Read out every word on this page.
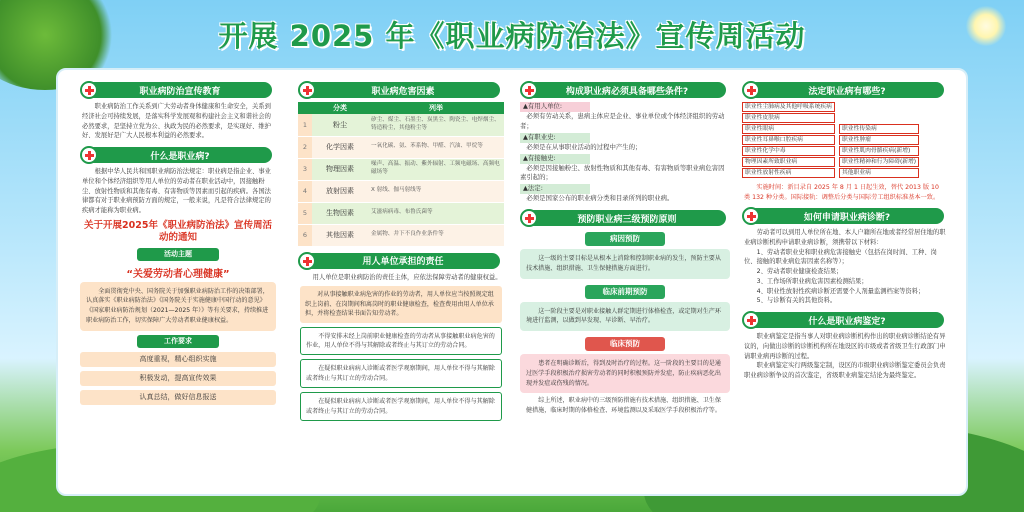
开展 2025 年《职业病防治法》宣传周活动
职业病防治宣传教育

职业病防治工作关系到广大劳动者身体健康和生命安全，关系到经济社会可持续发展，是落实科学发展观和构建社会主义和谐社会的必然要求，是坚持立党为公、执政为民的必然要求，是实现好、维护好、发展好是广大人民根本利益的必然要求。

什么是职业病?

根据中华人民共和国职业病防治法规定：职业病是指企业、事业单位和个体经济组织等用人单位的劳动者在职业活动中，因接触粉尘、放射性物质和其他有毒、有害物质等因素而引起的疾病。各国法律都有对于职业病预防方面的规定，一般来说，凡是符合法律规定的疾病才能称为职业病。

关于开展2025年《职业病防治法》宣传周活动的通知
活动主题
“关爱劳动者心理健康”
全面贯彻党中央、国务院关于加强职业病防治工作的决策部署，认真落实《职业病防治法》《国务院关于实施健康中国行动的意见》《国家职业病防治规划（2021—2025 年）》等有关要求，持续推进职业病防治工作，切实保障广大劳动者职业健康权益。
工作要求
高度重视，精心组织实施
积极发动，提高宣传效果
认真总结，做好信息报送
职业病危害因素
	分类	列举
1	粉尘	矽尘、煤尘、石墨尘、炭黑尘、陶瓷尘、电焊烟尘、铸造粉尘，其他粉尘等
2	化学因素	一氧化碳、氨、苯系物、甲醛、汽油、甲烷等
3	物理因素	噪声、高温、振动、紫外辐射、工频电磁场、高频电磁场等
4	放射因素	X 射线、伽马射线等
5	生物因素	艾滋病病毒、布鲁氏菌等
6	其他因素	金属物、井下不良作业条件等
用人单位承担的责任

用人单位是职业病防治的责任主体，应依法保障劳动者的健康权益。

对从事接触职业病危害的作业的劳动者，用人单位应当按照规定组织上岗前、在岗期间和离岗时的职业健康检查，检查费用由用人单位承担，并将检查结果书面告知劳动者。
不得安排未经上岗前职业健康检查的劳动者从事接触职业病危害的作业，用人单位不得与其解除或者终止与其订立的劳动合同。
在疑似职业病病人诊断或者医学观察期间，用人单位不得与其解除或者终止与其订立的劳动合同。
在疑似职业病病人诊断或者医学观察期间，用人单位不得与其解除或者终止与其订立的劳动合同。
构成职业病必须具备哪些条件?
▲有用人单位:
必须有劳动关系，患病主体应是企业、事业单位或个体经济组织的劳动者；
▲有职业史:
必须是在从事职业活动的过程中产生的；
▲有接触史:
必须是因接触粉尘、放射性物质和其他有毒、有害物质等职业病危害因素引起的；
▲法定:
必须是国家公布的职业病分类和目录所列的职业病。
预防职业病三级预防原则
病因预防
这一级的主要目标是从根本上消除和控制职业病的发生，预防主要从技术措施、组织措施、卫生保健措施方面进行。
临床前期预防
这一阶段主要是对职业接触人群定期进行体格检查，或定期对生产环境进行监测，以做到早发现、早诊断、早治疗。
临床预防
患者在明确诊断后，得到及时治疗的过程。这一阶段的主要目的是通过医学手段积极治疗损害劳动者的同时积极预防并发症，防止疾病恶化出现并发症或伤残的情况。
综上所述，职业病中的三级预防措施有技术措施、组织措施、卫生保健措施，临床时期的体格检查、环境监测以及采取医学手段积极治疗等。
法定职业病有哪些?
职业性尘肺病及其他呼吸系统疾病
职业性皮肤病
职业性眼病
职业性耳鼻喉口腔疾病
职业性化学中毒
物理因素所致职业病
职业性放射性疾病
职业性传染病
职业性肿瘤
职业性肌肉骨骼疾病(新增)
职业性精神和行为障碍(新增)
其他职业病

实施时间：新目录自 2025 年 8 月 1 日起生效，替代 2013 版 10 类 132 种分类。国际接轨：调整后分类与国际劳工组织标准基本一致。

如何申请职业病诊断?

劳动者可以到用人单位所在地、本人户籍所在地或者经常居住地的职业病诊断机构申请职业病诊断，须携带以下材料：

1、劳动者职业史和职业病危害接触史（包括在岗时间、工种、岗位、接触的职业病危害因素名称等）；

2、劳动者职业健康检查结果；

3、工作场所职业病危害因素检测结果；

4、职业性放射性疾病诊断还需要个人剂量监测档案等资料；

5、与诊断有关的其他资料。

什么是职业病鉴定?

职业病鉴定是指当事人对职业病诊断机构作出的职业病诊断结论有异议的，向做出诊断的诊断机构所在地设区的市级或者省级卫生行政部门申请职业病再诊断的过程。

职业病鉴定实行两级鉴定制，设区的市级职业病诊断鉴定委员会负责职业病诊断争议的首次鉴定，省级职业病鉴定结论为最终鉴定。
